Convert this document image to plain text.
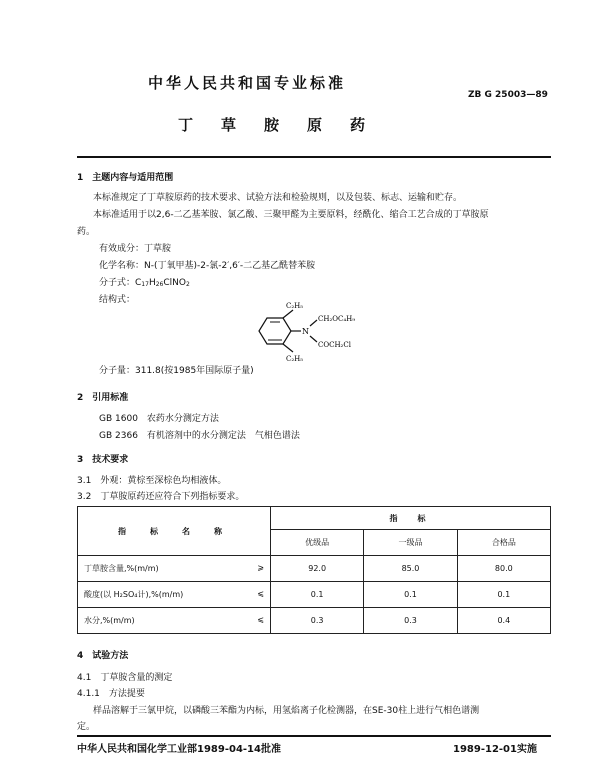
中华人民共和国专业标准
ZB G 25003—89
丁草胺原药
1　主题内容与适用范围
本标准规定了丁草胺原药的技术要求、试验方法和检验规则，以及包装、标志、运输和贮存。
本标准适用于以2,6-二乙基苯胺、氯乙酸、三聚甲醛为主要原料，经酰化、缩合工艺合成的丁草胺原
药。
有效成分：丁草胺
化学名称：N-(丁氧甲基)-2-氯-2′,6′-二乙基乙酰替苯胺
分子式：C17H26ClNO2
结构式：
C₂H₅
C₂H₅
N
CH₂OC₄H₉
COCH₂Cl
分子量：311.8(按1985年国际原子量)
2　引用标准
GB 1600　农药水分测定方法
GB 2366　有机溶剂中的水分测定法　气相色谱法
3　技术要求
3.1　外观：黄棕至深棕色均相液体。
3.2　丁草胺原药还应符合下列指标要求。
指　标　名　称	指　标		
	优级品	一级品	合格品
丁草胺含量,%(m/m) ⩾	92.0	85.0	80.0
酸度(以 H₂SO₄计),%(m/m) ⩽	0.1	0.1	0.1
水分,%(m/m) ⩽	0.3	0.3	0.4
4　试验方法
4.1　丁草胺含量的测定
4.1.1　方法提要
样品溶解于三氯甲烷，以磷酸三苯酯为内标，用氢焰离子化检测器，在SE-30柱上进行气相色谱测
定。
中华人民共和国化学工业部1989-04-14批准	1989-12-01实施
